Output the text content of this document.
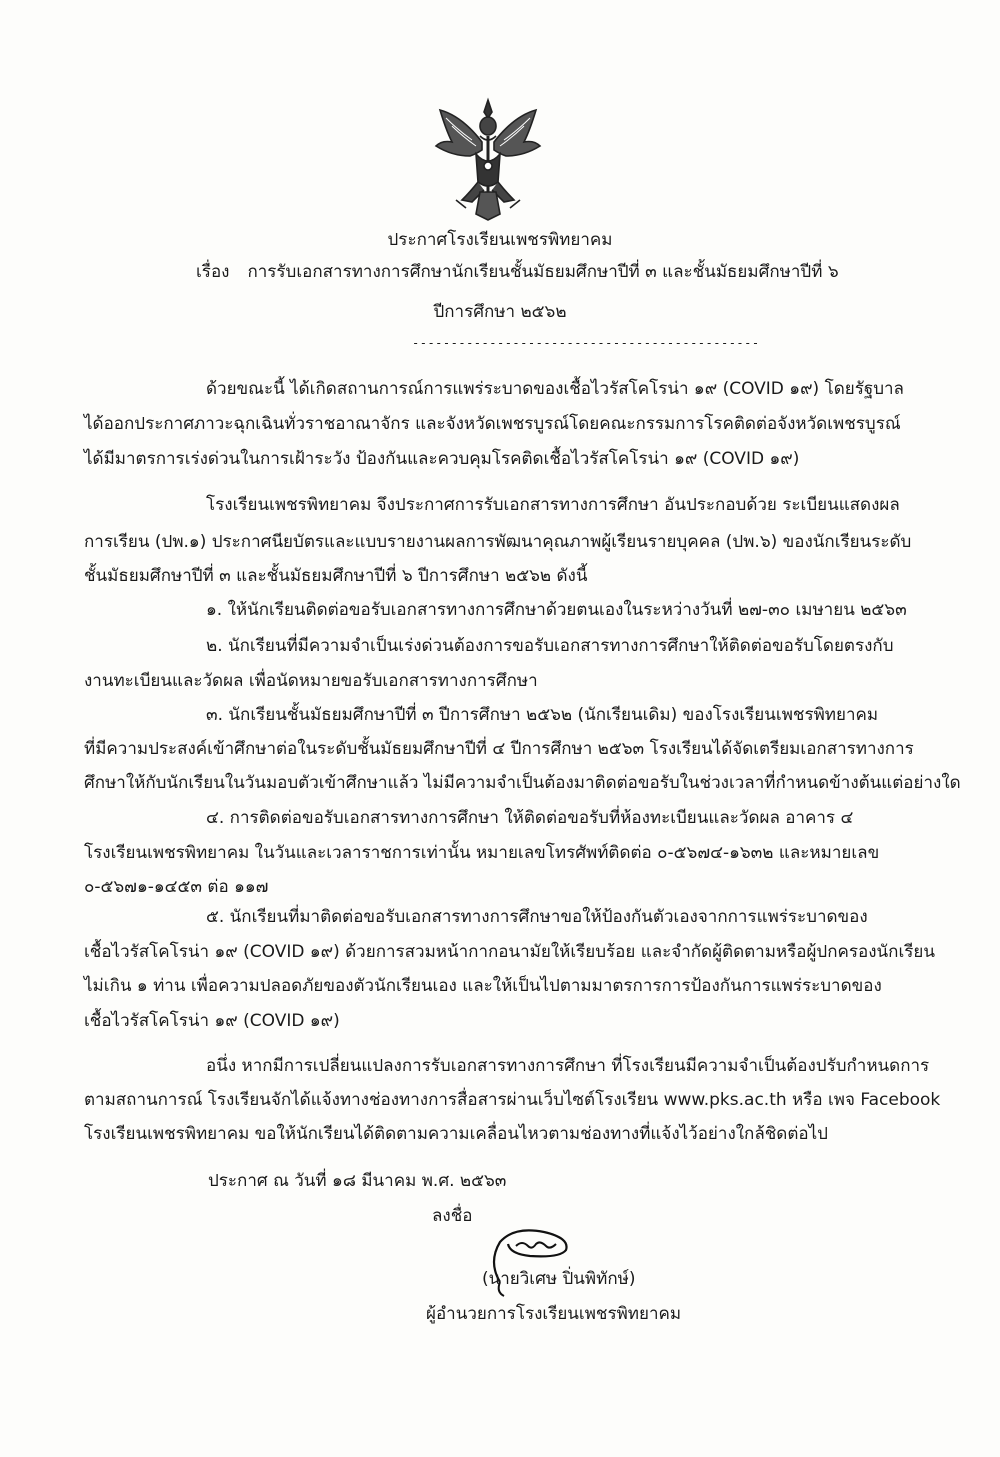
ประกาศโรงเรียนเพชรพิทยาคม
เรื่อง การรับเอกสารทางการศึกษานักเรียนชั้นมัธยมศึกษาปีที่ ๓ และชั้นมัธยมศึกษาปีที่ ๖
ปีการศึกษา ๒๕๖๒
---------------------------------------------
ด้วยขณะนี้ ได้เกิดสถานการณ์การแพร่ระบาดของเชื้อไวรัสโคโรน่า ๑๙ (COVID ๑๙) โดยรัฐบาล
ได้ออกประกาศภาวะฉุกเฉินทั่วราชอาณาจักร และจังหวัดเพชรบูรณ์โดยคณะกรรมการโรคติดต่อจังหวัดเพชรบูรณ์
ได้มีมาตรการเร่งด่วนในการเฝ้าระวัง ป้องกันและควบคุมโรคติดเชื้อไวรัสโคโรน่า ๑๙ (COVID ๑๙)
โรงเรียนเพชรพิทยาคม จึงประกาศการรับเอกสารทางการศึกษา อันประกอบด้วย ระเบียนแสดงผล
การเรียน (ปพ.๑) ประกาศนียบัตรและแบบรายงานผลการพัฒนาคุณภาพผู้เรียนรายบุคคล (ปพ.๖) ของนักเรียนระดับ
ชั้นมัธยมศึกษาปีที่ ๓ และชั้นมัธยมศึกษาปีที่ ๖ ปีการศึกษา ๒๕๖๒ ดังนี้
๑. ให้นักเรียนติดต่อขอรับเอกสารทางการศึกษาด้วยตนเองในระหว่างวันที่ ๒๗-๓๐ เมษายน ๒๕๖๓
๒. นักเรียนที่มีความจำเป็นเร่งด่วนต้องการขอรับเอกสารทางการศึกษาให้ติดต่อขอรับโดยตรงกับ
งานทะเบียนและวัดผล เพื่อนัดหมายขอรับเอกสารทางการศึกษา
๓. นักเรียนชั้นมัธยมศึกษาปีที่ ๓ ปีการศึกษา ๒๕๖๒ (นักเรียนเดิม) ของโรงเรียนเพชรพิทยาคม
ที่มีความประสงค์เข้าศึกษาต่อในระดับชั้นมัธยมศึกษาปีที่ ๔ ปีการศึกษา ๒๕๖๓ โรงเรียนได้จัดเตรียมเอกสารทางการ
ศึกษาให้กับนักเรียนในวันมอบตัวเข้าศึกษาแล้ว ไม่มีความจำเป็นต้องมาติดต่อขอรับในช่วงเวลาที่กำหนดข้างต้นแต่อย่างใด
๔. การติดต่อขอรับเอกสารทางการศึกษา ให้ติดต่อขอรับที่ห้องทะเบียนและวัดผล อาคาร ๔
โรงเรียนเพชรพิทยาคม ในวันและเวลาราชการเท่านั้น หมายเลขโทรศัพท์ติดต่อ ๐-๕๖๗๔-๑๖๓๒ และหมายเลข
๐-๕๖๗๑-๑๔๕๓ ต่อ ๑๑๗
๕. นักเรียนที่มาติดต่อขอรับเอกสารทางการศึกษาขอให้ป้องกันตัวเองจากการแพร่ระบาดของ
เชื้อไวรัสโคโรน่า ๑๙ (COVID ๑๙) ด้วยการสวมหน้ากากอนามัยให้เรียบร้อย และจำกัดผู้ติดตามหรือผู้ปกครองนักเรียน
ไม่เกิน ๑ ท่าน เพื่อความปลอดภัยของตัวนักเรียนเอง และให้เป็นไปตามมาตรการการป้องกันการแพร่ระบาดของ
เชื้อไวรัสโคโรน่า ๑๙ (COVID ๑๙)
อนึ่ง หากมีการเปลี่ยนแปลงการรับเอกสารทางการศึกษา ที่โรงเรียนมีความจำเป็นต้องปรับกำหนดการ
ตามสถานการณ์ โรงเรียนจักได้แจ้งทางช่องทางการสื่อสารผ่านเว็บไซต์โรงเรียน www.pks.ac.th หรือ เพจ Facebook
โรงเรียนเพชรพิทยาคม ขอให้นักเรียนได้ติดตามความเคลื่อนไหวตามช่องทางที่แจ้งไว้อย่างใกล้ชิดต่อไป
ประกาศ ณ วันที่ ๑๘ มีนาคม พ.ศ. ๒๕๖๓
ลงชื่อ
(นายวิเศษ ปิ่นพิทักษ์)
ผู้อำนวยการโรงเรียนเพชรพิทยาคม
